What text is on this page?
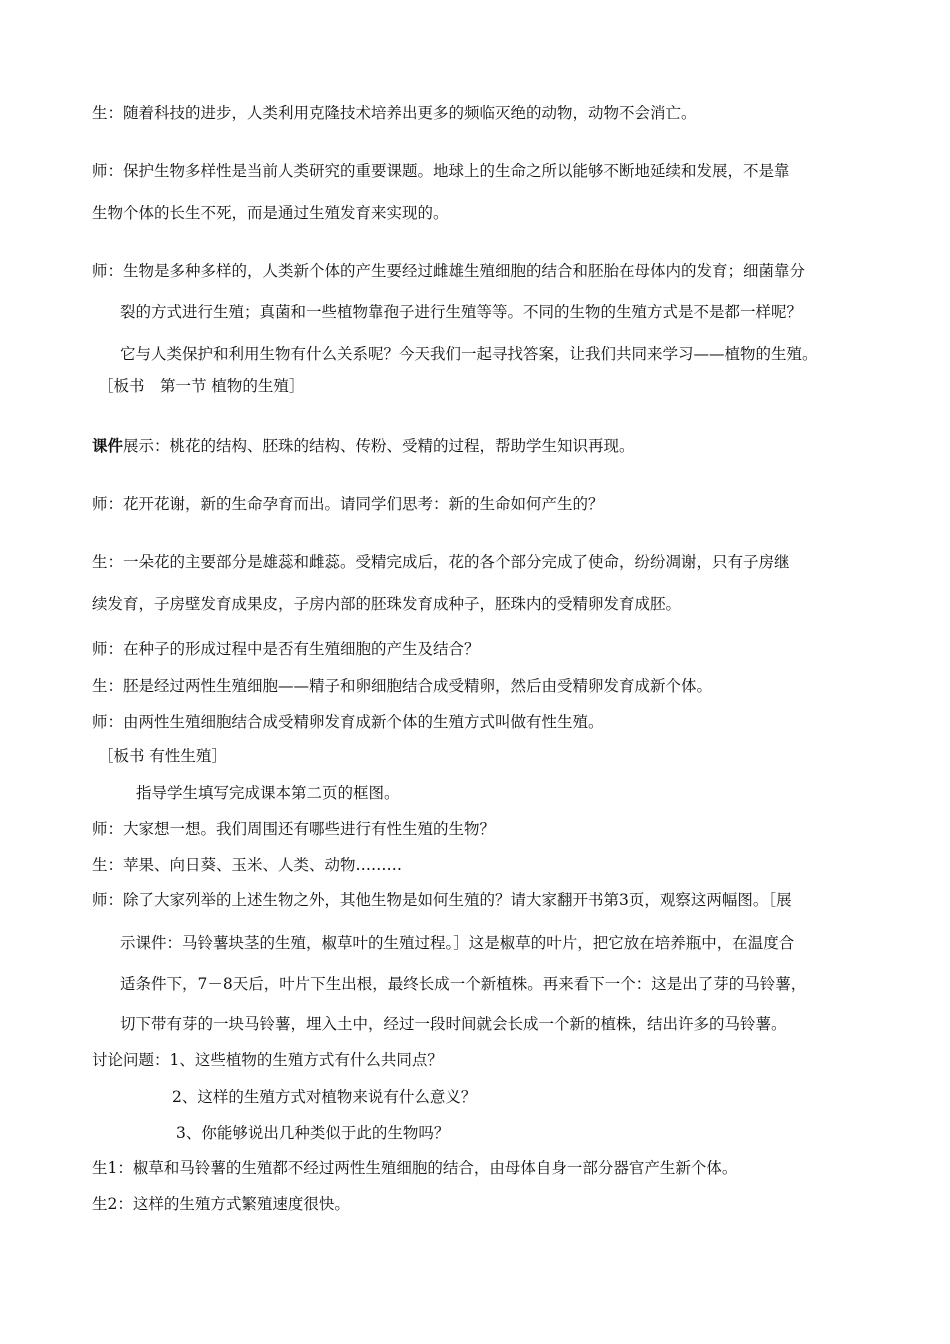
生：随着科技的进步，人类利用克隆技术培养出更多的频临灭绝的动物，动物不会消亡。
师：保护生物多样性是当前人类研究的重要课题。地球上的生命之所以能够不断地延续和发展，不是靠
生物个体的长生不死，而是通过生殖发育来实现的。
师：生物是多种多样的，人类新个体的产生要经过雌雄生殖细胞的结合和胚胎在母体内的发育；细菌靠分
裂的方式进行生殖；真菌和一些植物靠孢子进行生殖等等。不同的生物的生殖方式是不是都一样呢？
它与人类保护和利用生物有什么关系呢？今天我们一起寻找答案，让我们共同来学习——植物的生殖。
［板书　第一节 植物的生殖］
课件展示：桃花的结构、胚珠的结构、传粉、受精的过程，帮助学生知识再现。
师：花开花谢，新的生命孕育而出。请同学们思考：新的生命如何产生的？
生：一朵花的主要部分是雄蕊和雌蕊。受精完成后，花的各个部分完成了使命，纷纷凋谢，只有子房继
续发育，子房壁发育成果皮，子房内部的胚珠发育成种子，胚珠内的受精卵发育成胚。
师：在种子的形成过程中是否有生殖细胞的产生及结合？
生：胚是经过两性生殖细胞——精子和卵细胞结合成受精卵，然后由受精卵发育成新个体。
师：由两性生殖细胞结合成受精卵发育成新个体的生殖方式叫做有性生殖。
［板书 有性生殖］
指导学生填写完成课本第二页的框图。
师：大家想一想。我们周围还有哪些进行有性生殖的生物？
生：苹果、向日葵、玉米、人类、动物………
师：除了大家列举的上述生物之外，其他生物是如何生殖的？请大家翻开书第3页，观察这两幅图。［展
示课件：马铃薯块茎的生殖，椒草叶的生殖过程。］这是椒草的叶片，把它放在培养瓶中，在温度合
适条件下，7－8天后，叶片下生出根，最终长成一个新植株。再来看下一个：这是出了芽的马铃薯，
切下带有芽的一块马铃薯，埋入土中，经过一段时间就会长成一个新的植株，结出许多的马铃薯。
讨论问题：1、这些植物的生殖方式有什么共同点？
2、这样的生殖方式对植物来说有什么意义？
3、你能够说出几种类似于此的生物吗？
生1：椒草和马铃薯的生殖都不经过两性生殖细胞的结合，由母体自身一部分器官产生新个体。
生2：这样的生殖方式繁殖速度很快。
